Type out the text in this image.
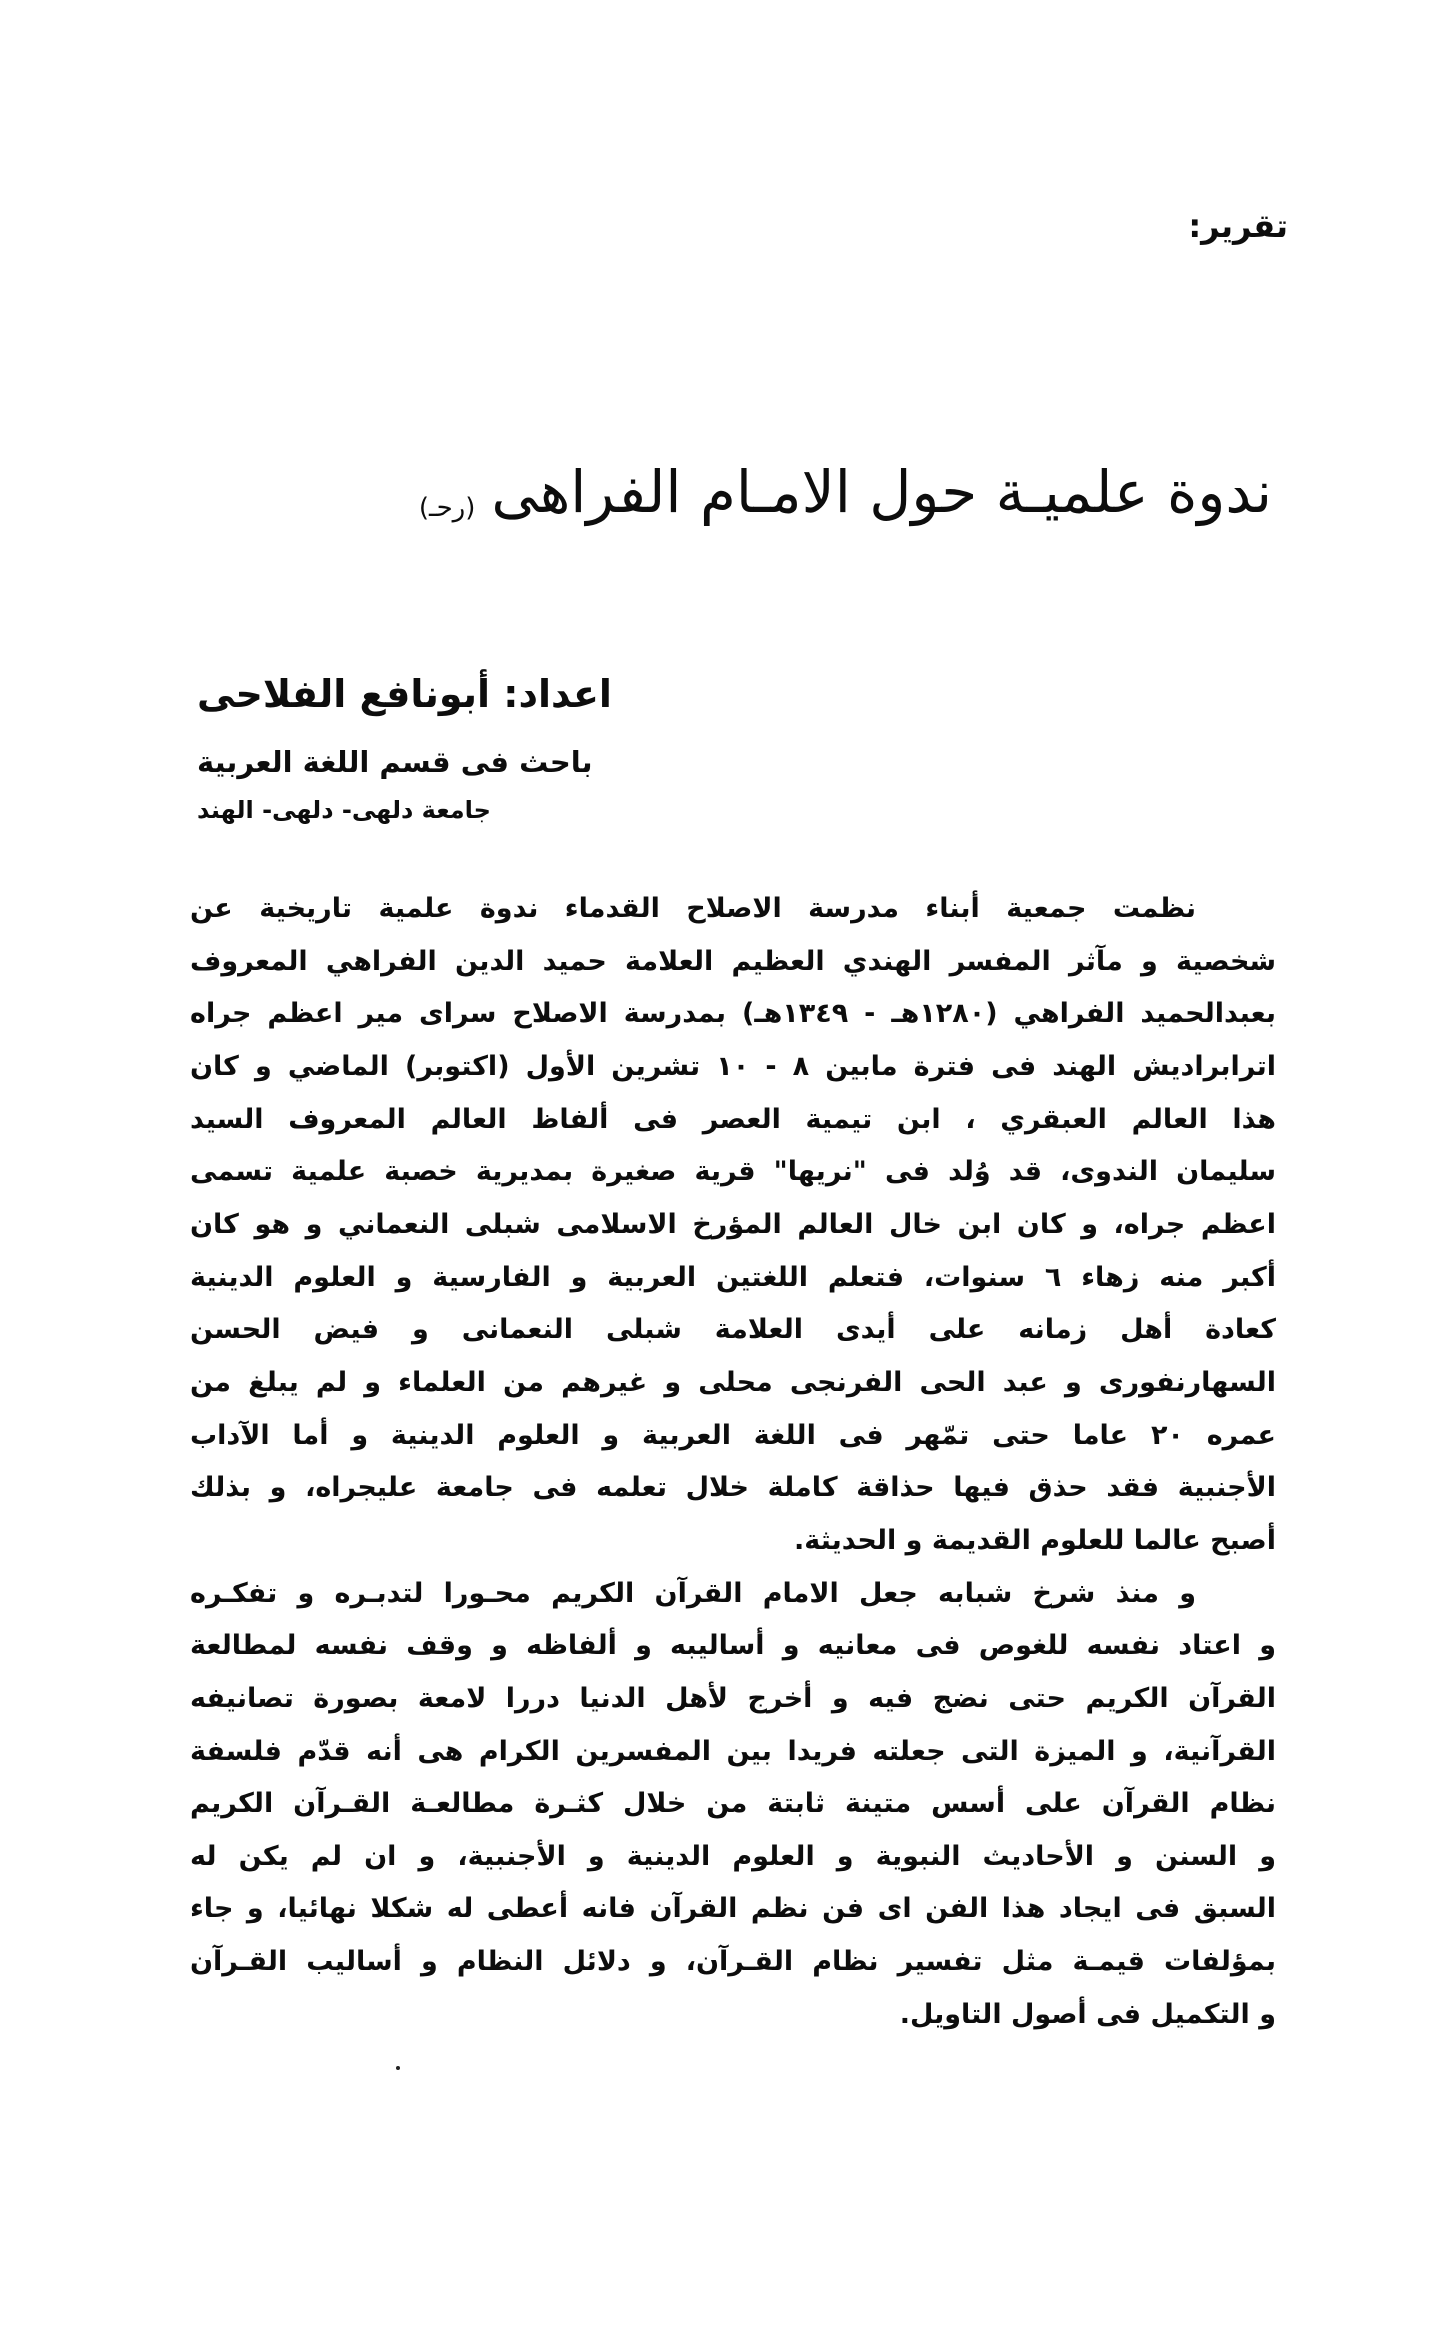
تقرير:
ندوة علميـة حول الامـام الفراهى(رحـ)
اعداد: أبونافع الفلاحى
باحث فى قسم اللغة العربية
جامعة دلهى- دلهى- الهند
نظمت جمعية أبناء مدرسة الاصلاح القدماء ندوة علمية تاريخية عن
شخصية و مآثر المفسر الهندي العظيم العلامة حميد الدين الفراهي المعروف
بعبدالحميد الفراهي (١٢٨٠هـ - ١٣٤٩هـ) بمدرسة الاصلاح سراى مير اعظم جراه
اترابراديش الهند فى فترة مابين ٨ - ١٠ تشرين الأول (اكتوبر) الماضي و كان
هذا العالم العبقري ، ابن تيمية العصر فى ألفاظ العالم المعروف السيد
سليمان الندوى، قد وُلد فى "نريها" قرية صغيرة بمديرية خصبة علمية تسمى
اعظم جراه، و كان ابن خال العالم المؤرخ الاسلامى شبلى النعماني و هو كان
أكبر منه زهاء ٦ سنوات، فتعلم اللغتين العربية و الفارسية و العلوم الدينية
كعادة أهل زمانه على أيدى العلامة شبلى النعمانى و فيض الحسن
السهارنفورى و عبد الحى الفرنجى محلى و غيرهم من العلماء و لم يبلغ من
عمره ٢٠ عاما حتى تمّهر فى اللغة العربية و العلوم الدينية و أما الآداب
الأجنبية فقد حذق فيها حذاقة كاملة خلال تعلمه فى جامعة عليجراه، و بذلك
أصبح عالما للعلوم القديمة و الحديثة.
و منذ شرخ شبابه جعل الامام القرآن الكريم محـورا لتدبـره و تفكـره
و اعتاد نفسه للغوص فى معانيه و أساليبه و ألفاظه و وقف نفسه لمطالعة
القرآن الكريم حتى نضج فيه و أخرج لأهل الدنيا دررا لامعة بصورة تصانيفه
القرآنية، و الميزة التى جعلته فريدا بين المفسرين الكرام هى أنه قدّم فلسفة
نظام القرآن على أسس متينة ثابتة من خلال كثـرة مطالعـة القـرآن الكريم
و السنن و الأحاديث النبوية و العلوم الدينية و الأجنبية، و ان لم يكن له
السبق فى ايجاد هذا الفن اى فن نظم القرآن فانه أعطى له شكلا نهائيا، و جاء
بمؤلفات قيمـة مثل تفسير نظام القـرآن، و دلائل النظام و أساليب القـرآن
و التكميل فى أصول التاويل.
